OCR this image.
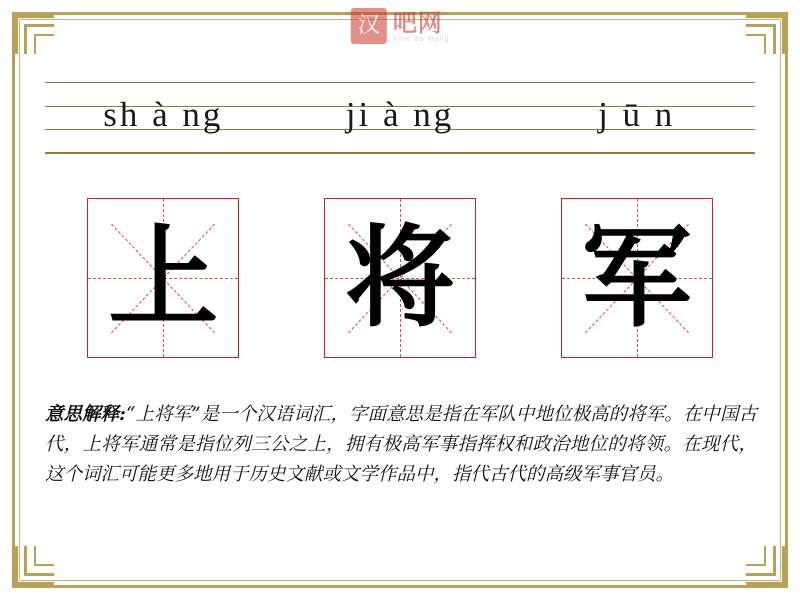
汉 吧网
Vine Ba Wang
sh à ng	ji à ng	j ū n
上 将 军
意思解释:“上将军”是一个汉语词汇，字面意思是指在军队中地位极高的将军。在中国古代，上将军通常是指位列三公之上，拥有极高军事指挥权和政治地位的将领。在现代，这个词汇可能更多地用于历史文献或文学作品中，指代古代的高级军事官员。
